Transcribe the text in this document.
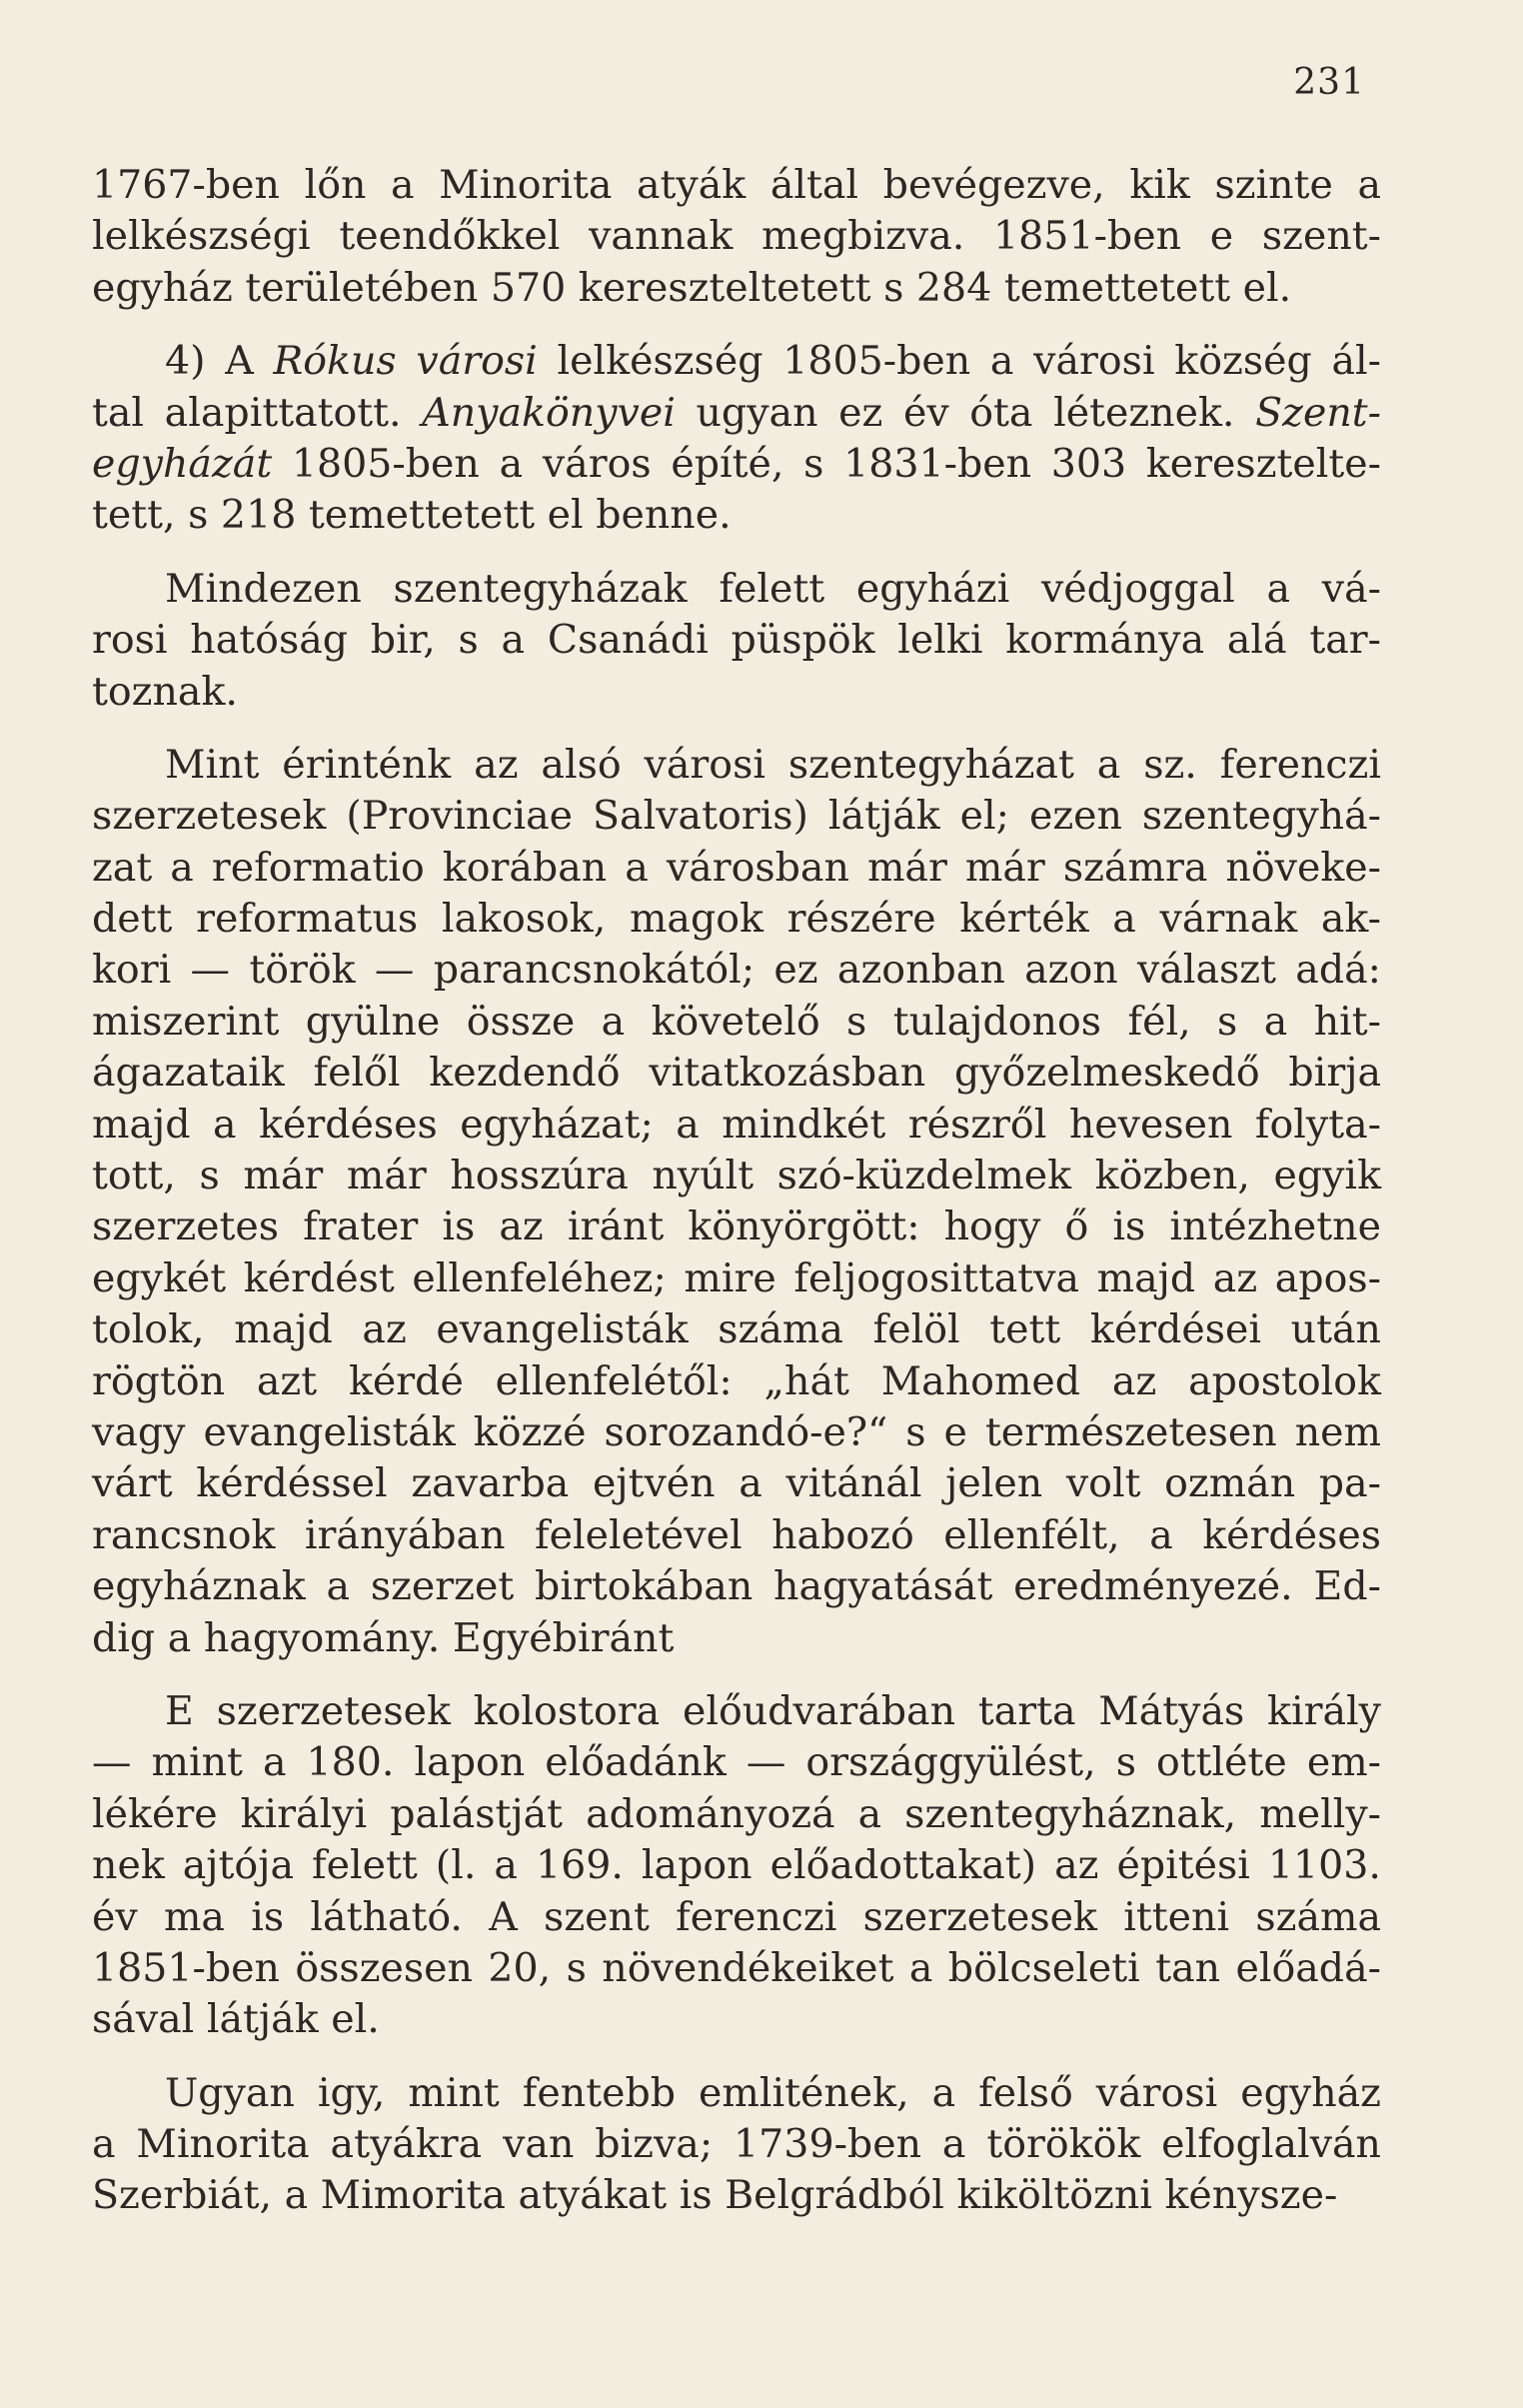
231
1767-ben lőn a Minorita atyák által bevégezve, kik szinte a
lelkészségi teendőkkel vannak megbizva. 1851-ben e szent-
egyház területében 570 kereszteltetett s 284 temettetett el.
4) A Rókus városi lelkészség 1805-ben a városi község ál-
tal alapittatott. Anyakönyvei ugyan ez év óta léteznek. Szent-
egyházát 1805-ben a város építé, s 1831-ben 303 keresztelte-
tett, s 218 temettetett el benne.
Mindezen szentegyházak felett egyházi védjoggal a vá-
rosi hatóság bir, s a Csanádi püspök lelki kormánya alá tar-
toznak.
Mint érinténk az alsó városi szentegyházat a sz. ferenczi
szerzetesek (Provinciae Salvatoris) látják el; ezen szentegyhá-
zat a reformatio korában a városban már már számra növeke-
dett reformatus lakosok, magok részére kérték a várnak ak-
kori — török — parancsnokától; ez azonban azon választ adá:
miszerint gyülne össze a követelő s tulajdonos fél, s a hit-
ágazataik felől kezdendő vitatkozásban győzelmeskedő birja
majd a kérdéses egyházat; a mindkét részről hevesen folyta-
tott, s már már hosszúra nyúlt szó-küzdelmek közben, egyik
szerzetes frater is az iránt könyörgött: hogy ő is intézhetne
egykét kérdést ellenfeléhez; mire feljogosittatva majd az apos-
tolok, majd az evangelisták száma felöl tett kérdései után
rögtön azt kérdé ellenfelétől: „hát Mahomed az apostolok
vagy evangelisták közzé sorozandó-e?“ s e természetesen nem
várt kérdéssel zavarba ejtvén a vitánál jelen volt ozmán pa-
rancsnok irányában feleletével habozó ellenfélt, a kérdéses
egyháznak a szerzet birtokában hagyatását eredményezé. Ed-
dig a hagyomány. Egyébiránt
E szerzetesek kolostora előudvarában tarta Mátyás király
— mint a 180. lapon előadánk — országgyülést, s ottléte em-
lékére királyi palástját adományozá a szentegyháznak, melly-
nek ajtója felett (l. a 169. lapon előadottakat) az épitési 1103.
év ma is látható. A szent ferenczi szerzetesek itteni száma
1851-ben összesen 20, s növendékeiket a bölcseleti tan előadá-
sával látják el.
Ugyan igy, mint fentebb emlitének, a felső városi egyház
a Minorita atyákra van bizva; 1739-ben a törökök elfoglalván
Szerbiát, a Mimorita atyákat is Belgrádból kiköltözni kénysze-
